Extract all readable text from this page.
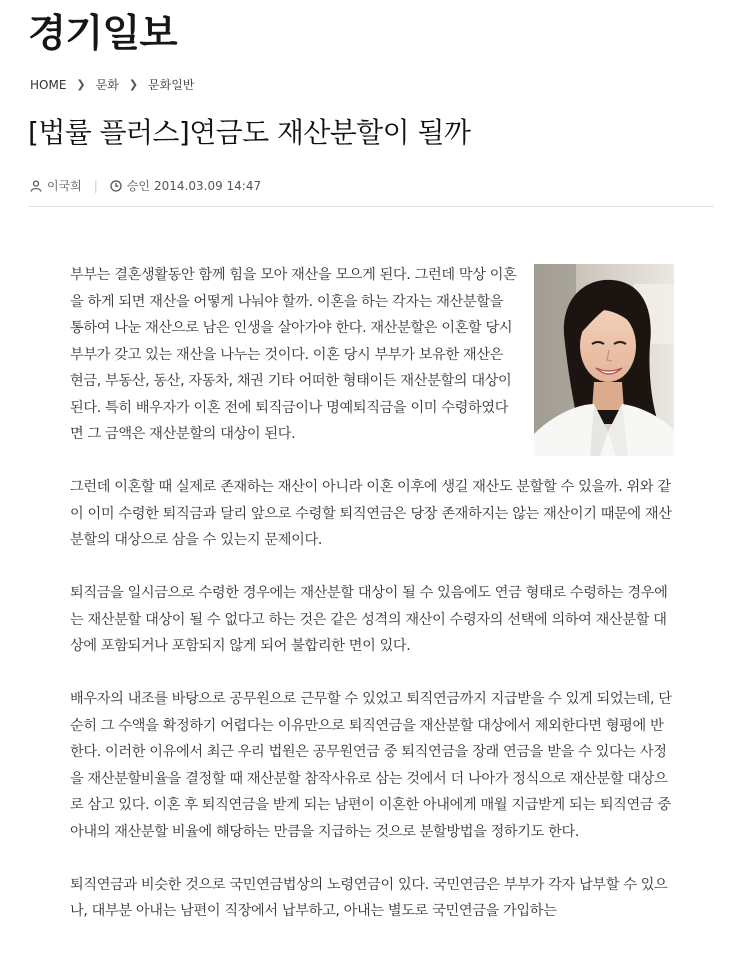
경기일보
HOME ❯ 문화 ❯ 문화일반
[법률 플러스]연금도 재산분할이 될까
이국희 | 승인 2014.03.09 14:47

부부는 결혼생활동안 함께 힘을 모아 재산을 모으게 된다. 그런데 막상 이혼을 하게 되면 재산을 어떻게 나눠야 할까. 이혼을 하는 각자는 재산분할을 통하여 나눈 재산으로 남은 인생을 살아가야 한다. 재산분할은 이혼할 당시 부부가 갖고 있는 재산을 나누는 것이다. 이혼 당시 부부가 보유한 재산은 현금, 부동산, 동산, 자동차, 채권 기타 어떠한 형태이든 재산분할의 대상이 된다. 특히 배우자가 이혼 전에 퇴직금이나 명예퇴직금을 이미 수령하였다면 그 금액은 재산분할의 대상이 된다.

그런데 이혼할 때 실제로 존재하는 재산이 아니라 이혼 이후에 생길 재산도 분할할 수 있을까. 위와 같이 이미 수령한 퇴직금과 달리 앞으로 수령할 퇴직연금은 당장 존재하지는 않는 재산이기 때문에 재산분할의 대상으로 삼을 수 있는지 문제이다.

퇴직금을 일시금으로 수령한 경우에는 재산분할 대상이 될 수 있음에도 연금 형태로 수령하는 경우에는 재산분할 대상이 될 수 없다고 하는 것은 같은 성격의 재산이 수령자의 선택에 의하여 재산분할 대상에 포함되거나 포함되지 않게 되어 불합리한 면이 있다.

배우자의 내조를 바탕으로 공무원으로 근무할 수 있었고 퇴직연금까지 지급받을 수 있게 되었는데, 단순히 그 수액을 확정하기 어렵다는 이유만으로 퇴직연금을 재산분할 대상에서 제외한다면 형평에 반한다. 이러한 이유에서 최근 우리 법원은 공무원연금 중 퇴직연금을 장래 연금을 받을 수 있다는 사정을 재산분할비율을 결정할 때 재산분할 참작사유로 삼는 것에서 더 나아가 정식으로 재산분할 대상으로 삼고 있다. 이혼 후 퇴직연금을 받게 되는 남편이 이혼한 아내에게 매월 지급받게 되는 퇴직연금 중 아내의 재산분할 비율에 해당하는 만큼을 지급하는 것으로 분할방법을 정하기도 한다.

퇴직연금과 비슷한 것으로 국민연금법상의 노령연금이 있다. 국민연금은 부부가 각자 납부할 수 있으나, 대부분 아내는 남편이 직장에서 납부하고, 아내는 별도로 국민연금을 가입하는
